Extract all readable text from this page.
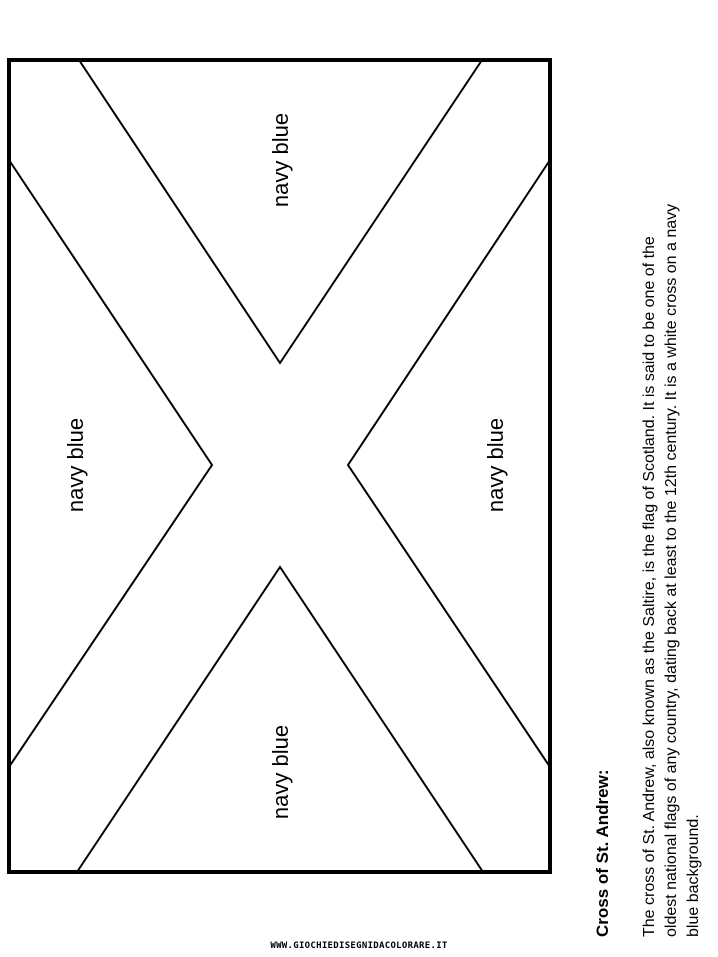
navy blue
navy blue	navy blue
navy blue	Cross of St. Andrew: The cross of St. Andrew, also known as the Saltire, is the flag of Scotland. It is said to be one of the oldest national flags of any country, dating back at least to the 12th century. It is a white cross on a navy blue background.
WWW.GIOCHIEDISEGNIDACOLORARE.IT
